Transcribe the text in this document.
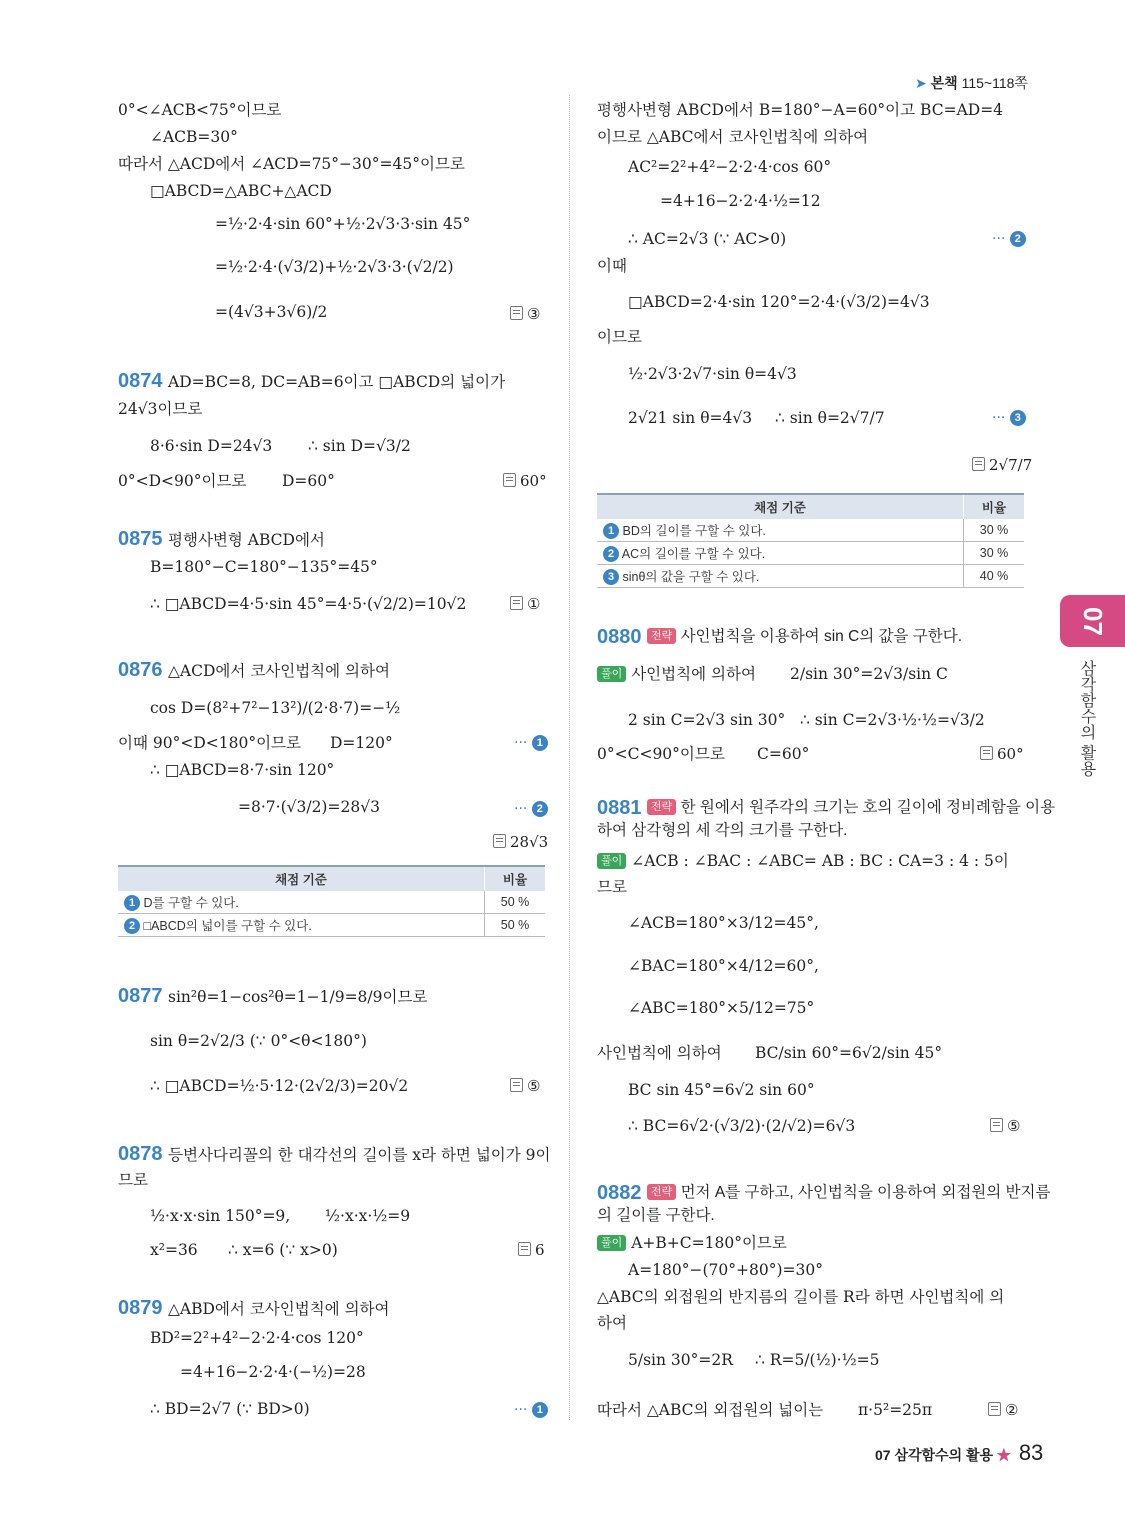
➤ 본책 115~118쪽
0°<∠ACB<75°이므로
∠ACB=30°
따라서 △ACD에서 ∠ACD=75°−30°=45°이므로
□ABCD=△ABC+△ACD
=½·2·4·sin 60°+½·2√3·3·sin 45°
=½·2·4·(√3/2)+½·2√3·3·(√2/2)
=(4√3+3√6)/2	③
0874 AD=BC=8, DC=AB=6이고 □ABCD의 넓이가
24√3이므로
8·6·sin D=24√3 ∴ sin D=√3/2
0°<D<90°이므로 D=60°	60°
0875 평행사변형 ABCD에서
B=180°−C=180°−135°=45°
∴ □ABCD=4·5·sin 45°=4·5·(√2/2)=10√2	①
0876 △ACD에서 코사인법칙에 의하여
cos D=(8²+7²−13²)/(2·8·7)=−½
이때 90°<D<180°이므로 D=120°	··· 1
∴ □ABCD=8·7·sin 120°
=8·7·(√3/2)=28√3	··· 2
28√3
채점 기준	비율
1 D를 구할 수 있다.	50 %
2 □ABCD의 넓이를 구할 수 있다.	50 %
0877 sin²θ=1−cos²θ=1−1/9=8/9이므로
sin θ=2√2/3 (∵ 0°<θ<180°)
∴ □ABCD=½·5·12·(2√2/3)=20√2	⑤
0878 등변사다리꼴의 한 대각선의 길이를 x라 하면 넓이가 9이
므로
½·x·x·sin 150°=9, ½·x·x·½=9
x²=36 ∴ x=6 (∵ x>0)	6
0879 △ABD에서 코사인법칙에 의하여
BD²=2²+4²−2·2·4·cos 120°
=4+16−2·2·4·(−½)=28
∴ BD=2√7 (∵ BD>0)	··· 1
평행사변형 ABCD에서 B=180°−A=60°이고 BC=AD=4
이므로 △ABC에서 코사인법칙에 의하여
AC²=2²+4²−2·2·4·cos 60°
=4+16−2·2·4·½=12
∴ AC=2√3 (∵ AC>0)	··· 2
이때
□ABCD=2·4·sin 120°=2·4·(√3/2)=4√3
이므로
½·2√3·2√7·sin θ=4√3
2√21 sin θ=4√3 ∴ sin θ=2√7/7	··· 3
2√7/7
채점 기준	비율
1 BD의 길이를 구할 수 있다.	30 %
2 AC의 길이를 구할 수 있다.	30 %
3 sinθ의 값을 구할 수 있다.	40 %
0880 전략 사인법칙을 이용하여 sin C의 값을 구한다.
풀이 사인법칙에 의하여 2/sin 30°=2√3/sin C
2 sin C=2√3 sin 30° ∴ sin C=2√3·½·½=√3/2
0°<C<90°이므로 C=60°	60°
0881 전략 한 원에서 원주각의 크기는 호의 길이에 정비례함을 이용
하여 삼각형의 세 각의 크기를 구한다.
풀이 ∠ACB : ∠BAC : ∠ABC= AB : BC : CA=3 : 4 : 5이
므로
∠ACB=180°×3/12=45°,
∠BAC=180°×4/12=60°,
∠ABC=180°×5/12=75°
사인법칙에 의하여 BC/sin 60°=6√2/sin 45°
BC sin 45°=6√2 sin 60°
∴ BC=6√2·(√3/2)·(2/√2)=6√3	⑤
0882 전략 먼저 A를 구하고, 사인법칙을 이용하여 외접원의 반지름
의 길이를 구한다.
풀이 A+B+C=180°이므로
A=180°−(70°+80°)=30°
△ABC의 외접원의 반지름의 길이를 R라 하면 사인법칙에 의
하여
5/sin 30°=2R ∴ R=5/(½)·½=5
따라서 △ABC의 외접원의 넓이는 π·5²=25π	②
07
삼각함수의 활용
07 삼각함수의 활용 ★ 83
